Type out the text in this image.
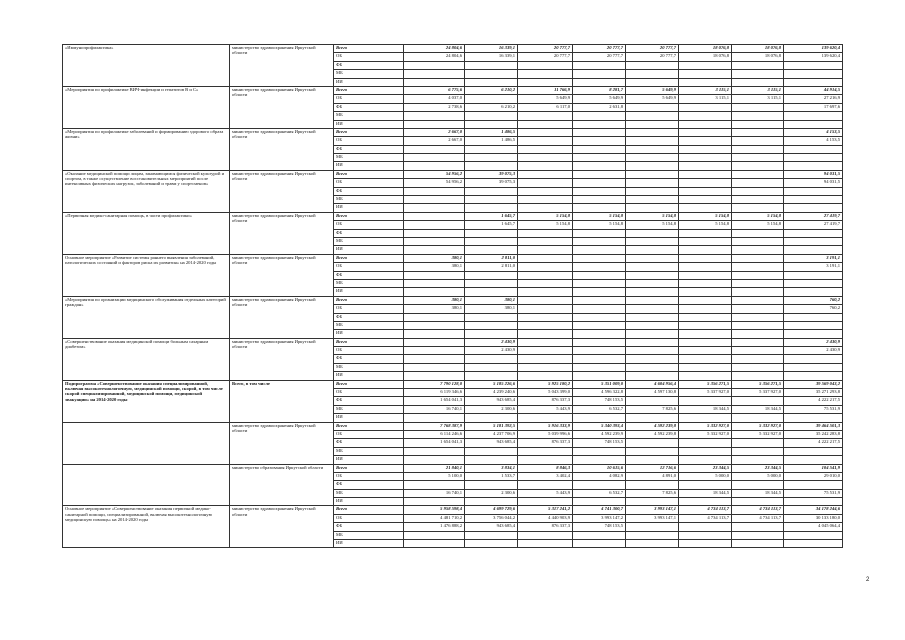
«Иммунопрофилактика»	министерство здравоохранения Иркутской области	Всего	24 804,6	16 339,1	20 777,7	20 777,7	20 777,7	18 076,8	18 076,8	139 620,4
		ОБ	24 804,6	16 339,1	20 777,7	20 777,7	20 777,7	18 076,8	18 076,8	139 620,4
		ФБ								
		МБ								
		ИИ								
«Мероприятия по профилактике ВИЧ-инфекции и гепатитов В и С»	министерство здравоохранения Иркутской области	Всего	6 775,6	6 210,2	11 766,9	8 281,7	5 649,9	3 115,1	3 115,1	44 914,5
		ОБ	4 037,0		5 649,9	5 649,9	5 649,9	3 115,1	3 115,1	27 216,9
		ФБ	2 738,6	6 210,2	6 117,0	2 631,8				17 697,6
		МБ								
		ИИ								
«Мероприятия по профилактике заболеваний и формированию здорового образа жизни»	министерство здравоохранения Иркутской области	Всего	2 667,0	1 486,5						4 153,5
		ОБ	2 667,0	1 486,5						4 153,5
		ФБ								
		МБ								
		ИИ								
«Оказание медицинской помощи лицам, занимающимся физической культурой и спортом, в также осуществление восстановительных мероприятий после интенсивных физических нагрузок, заболеваний и травм у спортсменов»	министерство здравоохранения Иркутской области	Всего	54 956,2	39 075,3						94 031,5
		ОБ	54 956,2	39 075,3						94 031,5
		ФБ								
		МБ								
		ИИ								
«Первичная медико-санитарная помощь, в части профилактики»	министерство здравоохранения Иркутской области	Всего		1 645,7	5 154,8	5 154,8	5 154,8	5 154,8	5 154,8	27 419,7
		ОБ		1 645,7	5 154,8	5 154,8	5 154,8	5 154,8	5 154,8	27 419,7
		ФБ								
		МБ								
		ИИ								
Основное мероприятие «Развитие системы раннего выявления заболеваний, патологических состояний и факторов риска их развития» на 2014-2020 годы	министерство здравоохранения Иркутской области	Всего	380,1	2 811,0						3 191,1
		ОБ	380,1	2 811,0						3 191,1
		ФБ								
		МБ								
		ИИ								
«Мероприятия по организации медицинского обслуживания отдельных категорий граждан»	министерство здравоохранения Иркутской области	Всего	380,1	380,1						760,2
		ОБ	380,1	380,1						760,2
		ФБ								
		МБ								
		ИИ								
«Совершенствование оказания медицинской помощи больным сахарным диабетом»	министерство здравоохранения Иркутской области	Всего		2 430,9						2 430,9
		ОБ		2 430,9						2 430,9
		ФБ								
		МБ								
		ИИ								
Подпрограмма «Совершенствование оказания специализированной, включая высокотехнологичную, медицинской помощи, скорой, в том числе скорой специализированной, медицинской помощи, медицинской эвакуации» на 2014-2020 годы	Всего, в том числе	Всего	7 790 128,0	5 185 226,6	5 925 180,2	5 351 009,0	4 604 956,4	5 356 271,5	5 356 271,5	39 569 043,2
		ОБ	6 119 346,6	4 239 240,6	5 043 399,0	4 596 322,8	4 597 130,8	5 337 927,0	5 337 927,0	35 271 293,8
		ФБ	1 654 041,3	943 685,4	876 337,3	748 153,5				4 222 217,5
		МБ	16 740,1	2 300,6	5 443,9	6 532,7	7 825,6	18 344,5	18 344,5	75 531,9
		ИИ								
	министерство здравоохранения Иркутской области	Всего	7 768 387,9	5 181 392,5	5 916 333,9	5 340 393,4	4 592 239,8	5 332 927,0	5 332 927,0	39 464 501,3
		ОБ	6 114 246,6	4 237 706,9	5 039 996,6	4 592 239,9	4 592 239,8	5 332 927,0	5 332 927,0	35 242 283,8
		ФБ	1 654 041,3	943 685,4	876 337,3	748 153,5				4 222 217,5
		МБ								
		ИИ								
	министерство образования Иркутской области	Всего	21 840,1	3 834,1	8 846,3	10 615,6	12 716,6	23 344,5	23 344,5	104 541,9
		ОБ	5 100,0	1 533,7	3 402,4	4 082,9	4 891,0	5 000,0	5 000,0	29 010,0
		ФБ								
		МБ	16 740,1	2 300,6	5 443,9	6 532,7	7 825,6	18 344,5	18 344,5	75 531,9
		ИИ								
Основное мероприятие «Совершенствование оказания первичной медико-санитарной помощи, специализированной, включая высокотехнологичную медицинскую помощь» на 2014-2020 годы	министерство здравоохранения Иркутской области	Всего	5 958 598,4	4 699 729,6	5 317 241,2	4 741 300,7	3 993 147,1	4 734 113,7	4 734 113,7	34 178 244,6
		ОБ	4 481 710,2	3 756 044,2	4 440 903,9	3 993 147,2	3 993 147,1	4 734 113,7	4 734 113,7	30 133 180,0
		ФБ	1 476 888,2	943 685,4	876 337,3	748 153,5				4 045 064,4
		МБ								
		ИИ								
2
